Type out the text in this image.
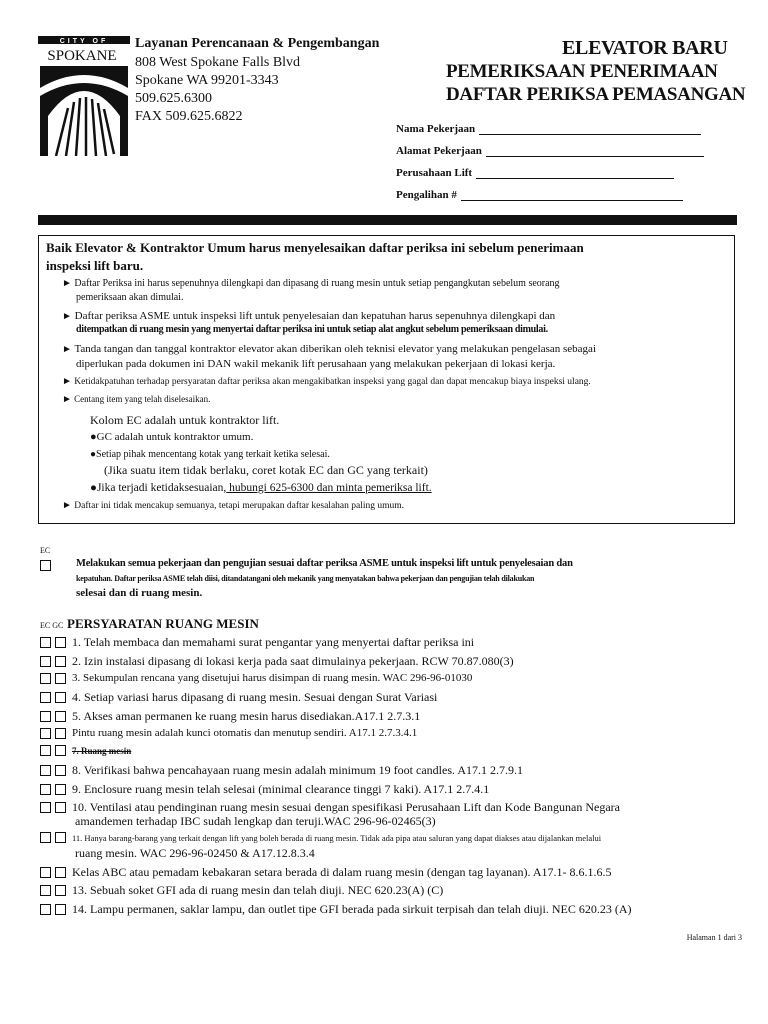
CITY OF
SPOKANE
Layanan Perencanaan & Pengembangan
808 West Spokane Falls Blvd
Spokane WA 99201-3343
509.625.6300
FAX 509.625.6822
ELEVATOR BARU
PEMERIKSAAN PENERIMAAN
DAFTAR PERIKSA PEMASANGAN
Nama Pekerjaan
Alamat Pekerjaan
Perusahaan Lift
Pengalihan #
Baik Elevator & Kontraktor Umum harus menyelesaikan daftar periksa ini sebelum penerimaan
inspeksi lift baru.
► Daftar Periksa ini harus sepenuhnya dilengkapi dan dipasang di ruang mesin untuk setiap pengangkutan sebelum seorang
pemeriksaan akan dimulai.
► Daftar periksa ASME untuk inspeksi lift untuk penyelesaian dan kepatuhan harus sepenuhnya dilengkapi dan
ditempatkan di ruang mesin yang menyertai daftar periksa ini untuk setiap alat angkut sebelum pemeriksaan dimulai.
► Tanda tangan dan tanggal kontraktor elevator akan diberikan oleh teknisi elevator yang melakukan pengelasan sebagai
diperlukan pada dokumen ini DAN wakil mekanik lift perusahaan yang melakukan pekerjaan di lokasi kerja.
► Ketidakpatuhan terhadap persyaratan daftar periksa akan mengakibatkan inspeksi yang gagal dan dapat mencakup biaya inspeksi ulang.
► Centang item yang telah diselesaikan.
Kolom EC adalah untuk kontraktor lift.
●GC adalah untuk kontraktor umum.
●Setiap pihak mencentang kotak yang terkait ketika selesai.
(Jika suatu item tidak berlaku, coret kotak EC dan GC yang terkait)
●Jika terjadi ketidaksesuaian, hubungi 625-6300 dan minta pemeriksa lift.
► Daftar ini tidak mencakup semuanya, tetapi merupakan daftar kesalahan paling umum.
EC
Melakukan semua pekerjaan dan pengujian sesuai daftar periksa ASME untuk inspeksi lift untuk penyelesaian dan
kepatuhan. Daftar periksa ASME telah diisi, ditandatangani oleh mekanik yang menyatakan bahwa pekerjaan dan pengujian telah dilakukan
selesai dan di ruang mesin.
EC GC PERSYARATAN RUANG MESIN
1. Telah membaca dan memahami surat pengantar yang menyertai daftar periksa ini
2. Izin instalasi dipasang di lokasi kerja pada saat dimulainya pekerjaan. RCW 70.87.080(3)
3. Sekumpulan rencana yang disetujui harus disimpan di ruang mesin. WAC 296-96-01030
4. Setiap variasi harus dipasang di ruang mesin. Sesuai dengan Surat Variasi
5. Akses aman permanen ke ruang mesin harus disediakan.A17.1 2.7.3.1
Pintu ruang mesin adalah kunci otomatis dan menutup sendiri. A17.1 2.7.3.4.1
7. Ruang mesin
8. Verifikasi bahwa pencahayaan ruang mesin adalah minimum 19 foot candles. A17.1 2.7.9.1
9. Enclosure ruang mesin telah selesai (minimal clearance tinggi 7 kaki). A17.1 2.7.4.1
10. Ventilasi atau pendinginan ruang mesin sesuai dengan spesifikasi Perusahaan Lift dan Kode Bangunan Negara
amandemen terhadap IBC sudah lengkap dan teruji.WAC 296-96-02465(3)
11. Hanya barang-barang yang terkait dengan lift yang boleh berada di ruang mesin. Tidak ada pipa atau saluran yang dapat diakses atau dijalankan melalui
ruang mesin. WAC 296-96-02450 & A17.12.8.3.4
Kelas ABC atau pemadam kebakaran setara berada di dalam ruang mesin (dengan tag layanan). A17.1- 8.6.1.6.5
13. Sebuah soket GFI ada di ruang mesin dan telah diuji. NEC 620.23(A) (C)
14. Lampu permanen, saklar lampu, dan outlet tipe GFI berada pada sirkuit terpisah dan telah diuji. NEC 620.23 (A)
Halaman 1 dari 3
